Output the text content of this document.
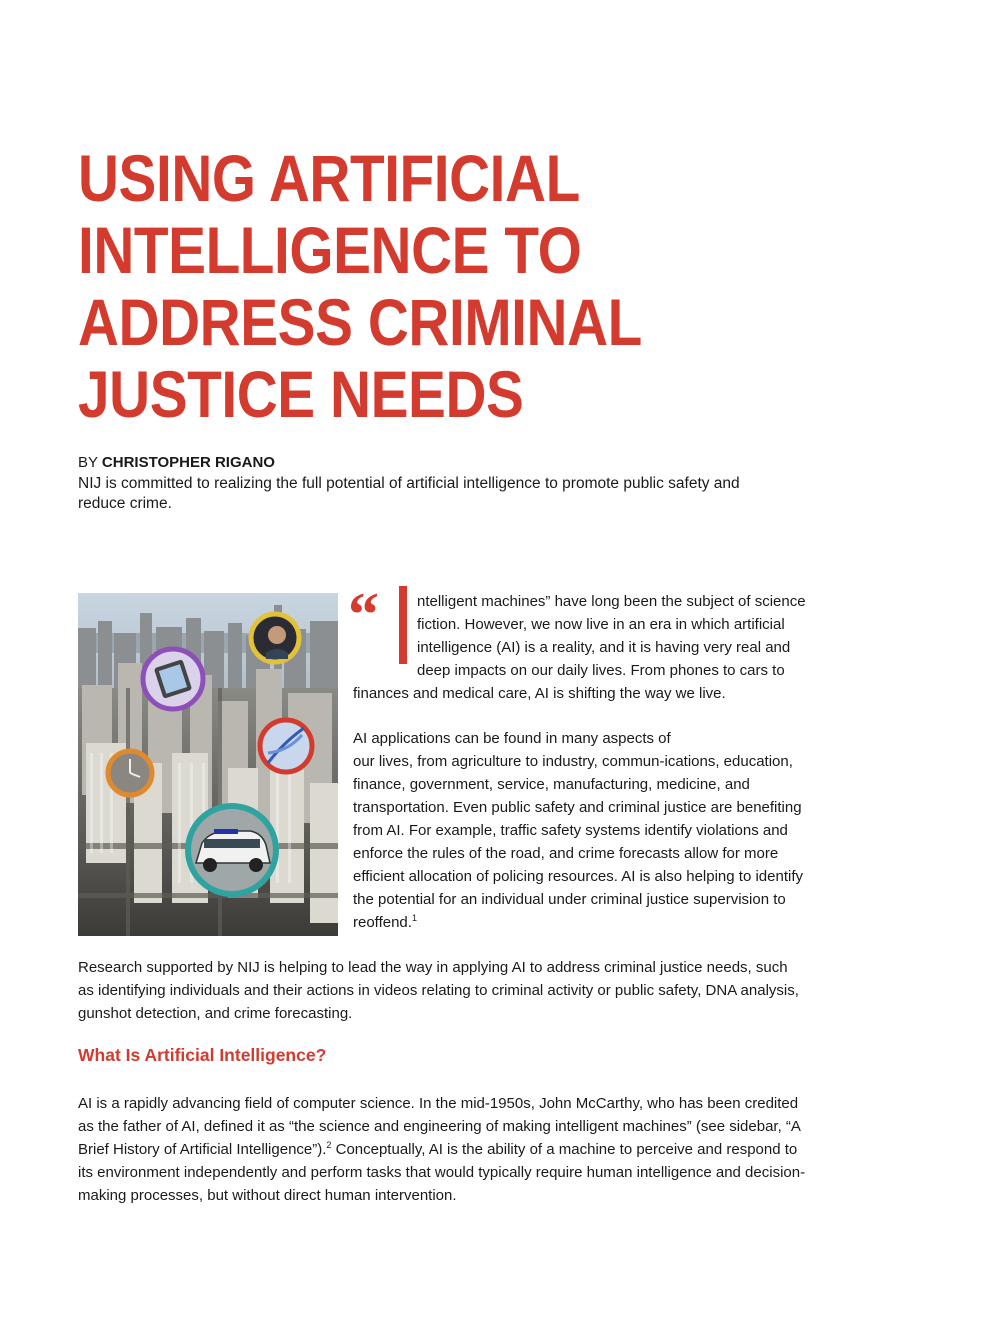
USING ARTIFICIAL
INTELLIGENCE TO
ADDRESS CRIMINAL
JUSTICE NEEDS
BY CHRISTOPHER RIGANO

NIJ is committed to realizing the full potential of artificial intelligence to promote public safety and reduce crime.

“	ntelligent machines” have long been the subject of science
fiction. However, we now live in an era in which artificial
intelligence (AI) is a reality, and it is having very real and
deep impacts on our daily lives. From phones to cars to
finances and medical care, AI is shifting the way we live.
AI applications can be found in many aspects of
our lives, from agriculture to industry, commun-ications, education,
finance, government, service, manufacturing, medicine, and
transportation. Even public safety and criminal justice are benefiting
from AI. For example, traffic safety systems identify violations and
enforce the rules of the road, and crime forecasts allow for more
efficient allocation of policing resources. AI is also helping to identify
the potential for an individual under criminal justice supervision to
reoffend.$^1$
Research supported by NIJ is helping to lead the way in applying AI to address criminal justice needs, such
as identifying individuals and their actions in videos relating to criminal activity or public safety, DNA analysis,
gunshot detection, and crime forecasting.
What Is Artificial Intelligence?
AI is a rapidly advancing field of computer science. In the mid-1950s, John McCarthy, who has been credited
as the father of AI, defined it as “the science and engineering of making intelligent machines” (see sidebar, “A
Brief History of Artificial Intelligence”).$^2$ Conceptually, AI is the ability of a machine to perceive and respond to
its environment independently and perform tasks that would typically require human intelligence and decision-
making processes, but without direct human intervention.
